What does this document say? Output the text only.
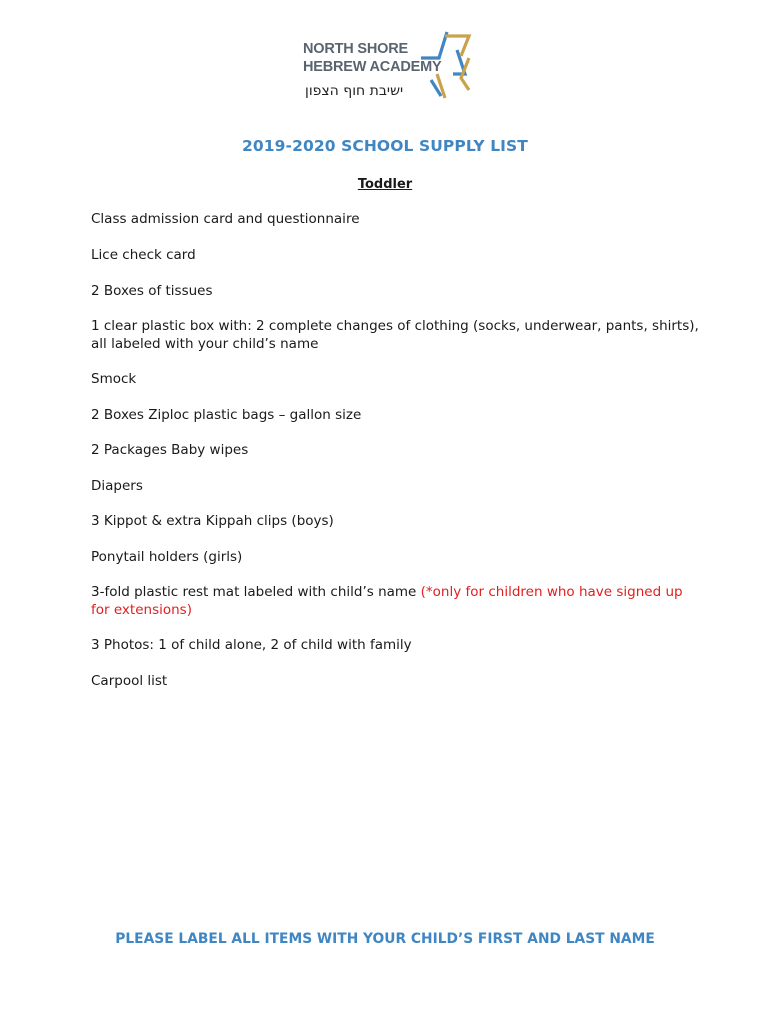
NORTH SHORE
HEBREW ACADEMY
ישיבת חוף הצפון
2019-2020 SCHOOL SUPPLY LIST
Toddler
Class admission card and questionnaire
Lice check card
2 Boxes of tissues
1 clear plastic box with: 2 complete changes of clothing (socks, underwear, pants, shirts), all labeled with your child’s name
Smock
2 Boxes Ziploc plastic bags – gallon size
2 Packages Baby wipes
Diapers
3 Kippot & extra Kippah clips (boys)
Ponytail holders (girls)
3-fold plastic rest mat labeled with child’s name (*only for children who have signed up for extensions)
3 Photos: 1 of child alone, 2 of child with family
Carpool list
PLEASE LABEL ALL ITEMS WITH YOUR CHILD’S FIRST AND LAST NAME
